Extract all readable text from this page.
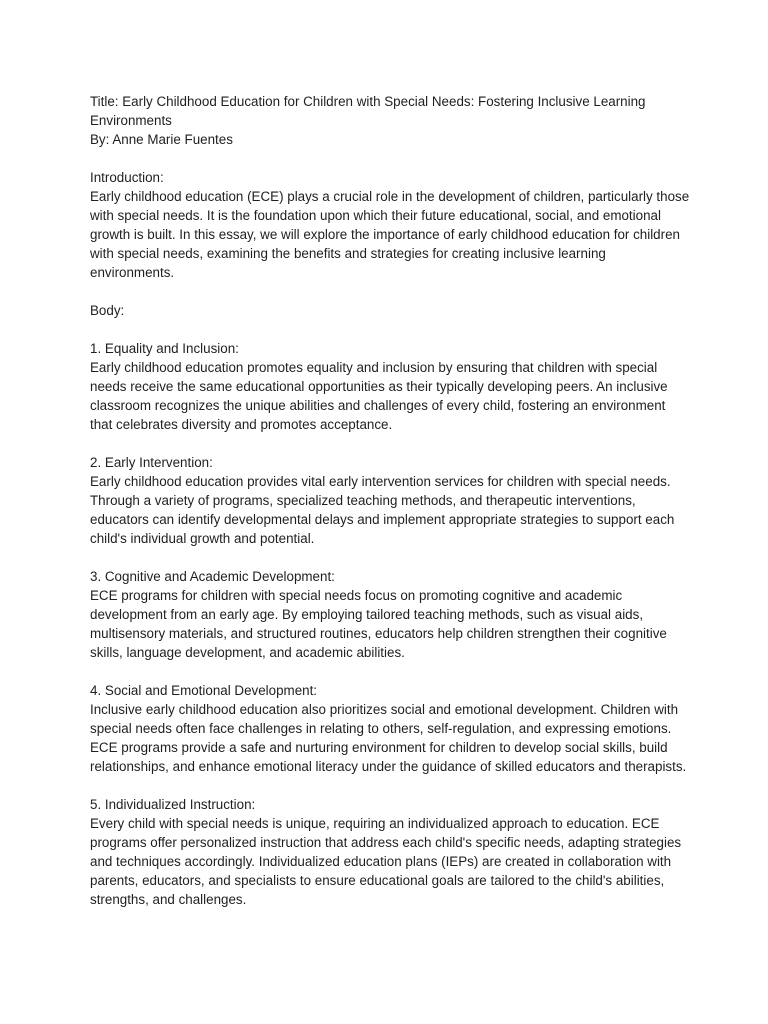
Title: Early Childhood Education for Children with Special Needs: Fostering Inclusive Learning Environments

By: Anne Marie Fuentes

Introduction:

Early childhood education (ECE) plays a crucial role in the development of children, particularly those with special needs. It is the foundation upon which their future educational, social, and emotional growth is built. In this essay, we will explore the importance of early childhood education for children with special needs, examining the benefits and strategies for creating inclusive learning environments.

Body:

1. Equality and Inclusion:

Early childhood education promotes equality and inclusion by ensuring that children with special needs receive the same educational opportunities as their typically developing peers. An inclusive classroom recognizes the unique abilities and challenges of every child, fostering an environment that celebrates diversity and promotes acceptance.

2. Early Intervention:

Early childhood education provides vital early intervention services for children with special needs. Through a variety of programs, specialized teaching methods, and therapeutic interventions, educators can identify developmental delays and implement appropriate strategies to support each child's individual growth and potential.

3. Cognitive and Academic Development:

ECE programs for children with special needs focus on promoting cognitive and academic development from an early age. By employing tailored teaching methods, such as visual aids, multisensory materials, and structured routines, educators help children strengthen their cognitive skills, language development, and academic abilities.

4. Social and Emotional Development:

Inclusive early childhood education also prioritizes social and emotional development. Children with special needs often face challenges in relating to others, self-regulation, and expressing emotions. ECE programs provide a safe and nurturing environment for children to develop social skills, build relationships, and enhance emotional literacy under the guidance of skilled educators and therapists.

5. Individualized Instruction:

Every child with special needs is unique, requiring an individualized approach to education. ECE programs offer personalized instruction that address each child's specific needs, adapting strategies and techniques accordingly. Individualized education plans (IEPs) are created in collaboration with parents, educators, and specialists to ensure educational goals are tailored to the child's abilities, strengths, and challenges.
